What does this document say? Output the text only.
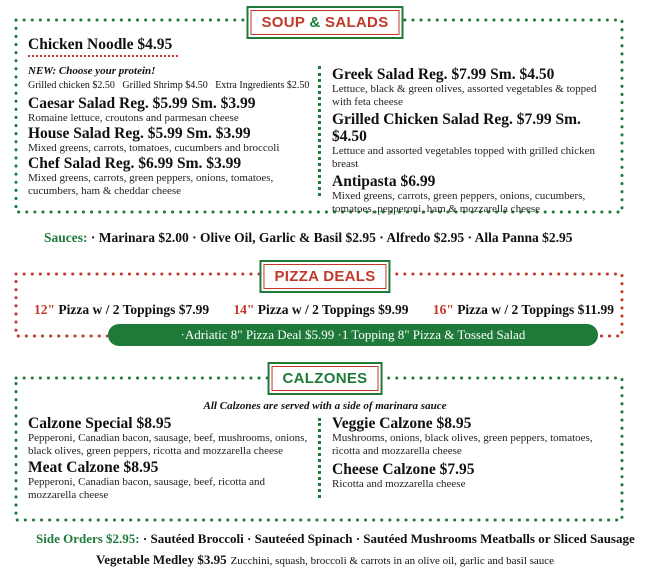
SOUP & SALADS
Chicken Noodle $4.95
NEW: Choose your protein!
Grilled chicken $2.50 Grilled Shrimp $4.50 Extra Ingredients $2.50
Caesar Salad Reg. $5.99 Sm. $3.99
Romaine lettuce, croutons and parmesan cheese
House Salad Reg. $5.99 Sm. $3.99
Mixed greens, carrots, tomatoes, cucumbers and broccoli
Chef Salad Reg. $6.99 Sm. $3.99
Mixed greens, carrots, green peppers, onions, tomatoes, cucumbers, ham & cheddar cheese
Greek Salad Reg. $7.99 Sm. $4.50
Lettuce, black & green olives, assorted vegetables & topped with feta cheese
Grilled Chicken Salad Reg. $7.99 Sm. $4.50
Lettuce and assorted vegetables topped with grilled chicken breast
Antipasta $6.99
Mixed greens, carrots, green peppers, onions, cucumbers, tomatoes, pepperoni, ham & mozzarella cheese
Sauces: · Marinara $2.00 · Olive Oil, Garlic & Basil $2.95 · Alfredo $2.95 · Alla Panna $2.95
PIZZA DEALS
12" Pizza w / 2 Toppings $7.99 14" Pizza w / 2 Toppings $9.99 16" Pizza w / 2 Toppings $11.99
·Adriatic 8" Pizza Deal $5.99 ·1 Topping 8" Pizza & Tossed Salad
CALZONES
All Calzones are served with a side of marinara sauce
Calzone Special $8.95
Pepperoni, Canadian bacon, sausage, beef, mushrooms, onions, black olives, green peppers, ricotta and mozzarella cheese
Meat Calzone $8.95
Pepperoni, Canadian bacon, sausage, beef, ricotta and mozzarella cheese
Veggie Calzone $8.95
Mushrooms, onions, black olives, green peppers, tomatoes, ricotta and mozzarella cheese
Cheese Calzone $7.95
Ricotta and mozzarella cheese
Side Orders $2.95: · Sautéed Broccoli · Sauteéed Spinach · Sautéed Mushrooms Meatballs or Sliced Sausage
Vegetable Medley $3.95 Zucchini, squash, broccoli & carrots in an olive oil, garlic and basil sauce
